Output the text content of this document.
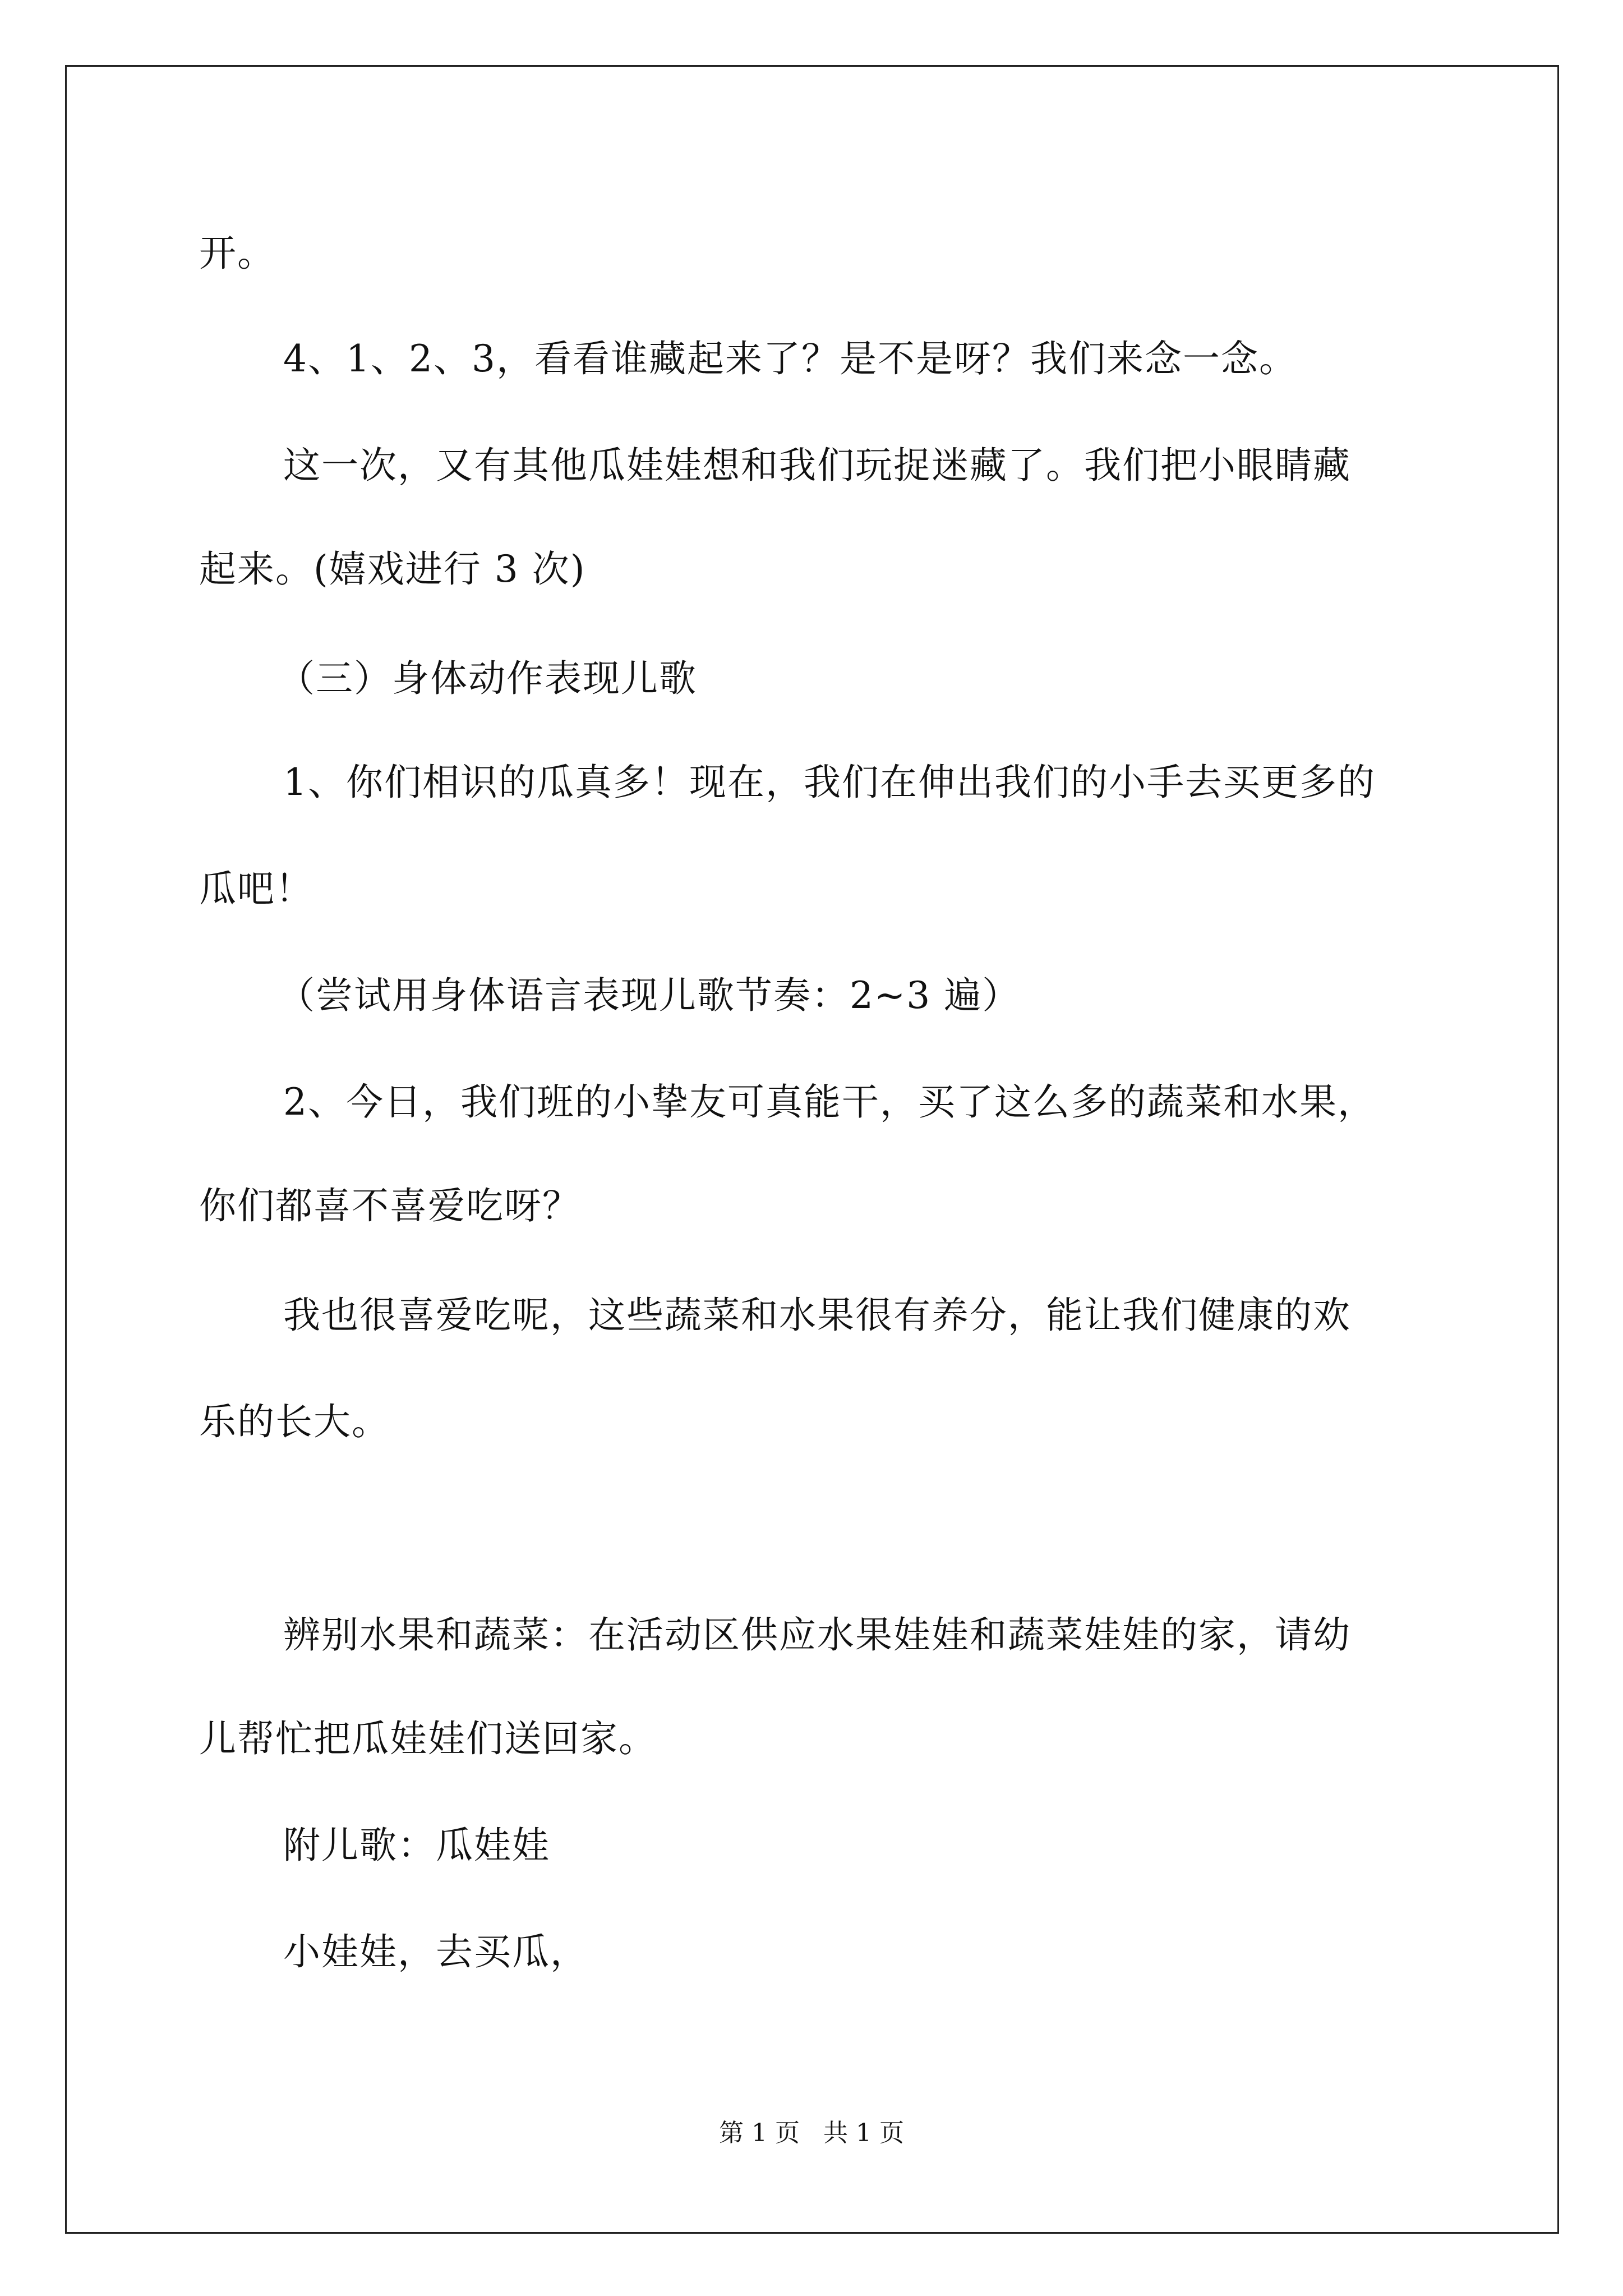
开。
4、1、2、3，看看谁藏起来了？是不是呀？我们来念一念。
这一次，又有其他瓜娃娃想和我们玩捉迷藏了。我们把小眼睛藏
起来。(嬉戏进行 3 次)
（三）身体动作表现儿歌
1、你们相识的瓜真多！现在，我们在伸出我们的小手去买更多的
瓜吧！
（尝试用身体语言表现儿歌节奏：2~3 遍）
2、今日，我们班的小挚友可真能干，买了这么多的蔬菜和水果，
你们都喜不喜爱吃呀？
我也很喜爱吃呢，这些蔬菜和水果很有养分，能让我们健康的欢
乐的长大。
辨别水果和蔬菜：在活动区供应水果娃娃和蔬菜娃娃的家，请幼
儿帮忙把瓜娃娃们送回家。
附儿歌：瓜娃娃
小娃娃，去买瓜，
第 1 页   共 1 页
